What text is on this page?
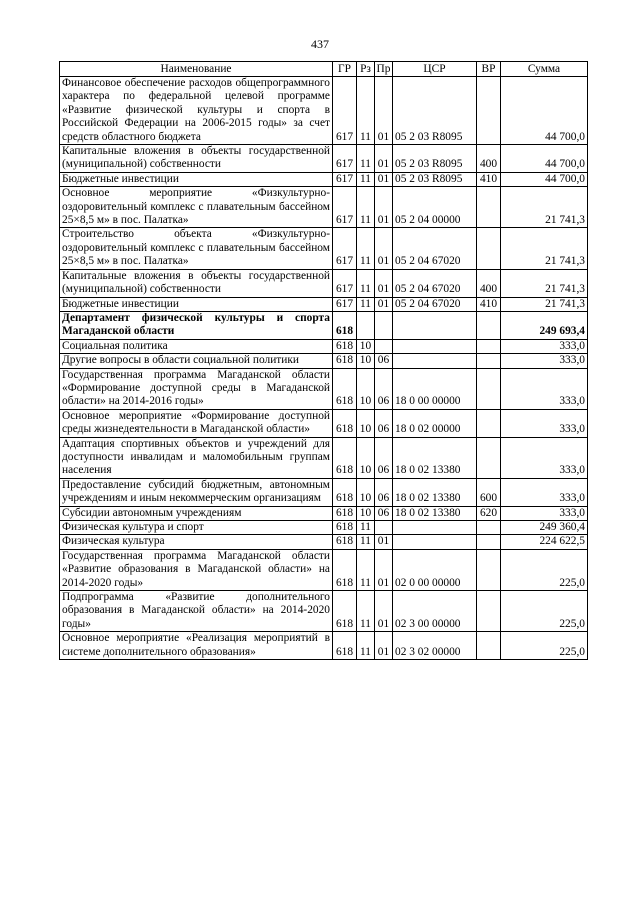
437
Наименование	ГР	Рз	Пр	ЦСР	ВР	Сумма
Финансовое обеспечение расходов общепрограммного характера по федеральной целевой программе «Развитие физической культуры и спорта в Российской Федерации на 2006-2015 годы» за счет средств областного бюджета	617	11	01	05 2 03 R8095		44 700,0
Капитальные вложения в объекты государственной (муниципальной) собственности	617	11	01	05 2 03 R8095	400	44 700,0
Бюджетные инвестиции	617	11	01	05 2 03 R8095	410	44 700,0
Основное мероприятие «Физкультурно-оздоровительный комплекс с плавательным бассейном 25×8,5 м» в пос. Палатка»	617	11	01	05 2 04 00000		21 741,3
Строительство объекта «Физкультурно-оздоровительный комплекс с плавательным бассейном 25×8,5 м» в пос. Палатка»	617	11	01	05 2 04 67020		21 741,3
Капитальные вложения в объекты государственной (муниципальной) собственности	617	11	01	05 2 04 67020	400	21 741,3
Бюджетные инвестиции	617	11	01	05 2 04 67020	410	21 741,3
Департамент физической культуры и спорта Магаданской области	618					249 693,4
Социальная политика	618	10				333,0
Другие вопросы в области социальной политики	618	10	06			333,0
Государственная программа Магаданской области «Формирование доступной среды в Магаданской области» на 2014-2016 годы»	618	10	06	18 0 00 00000		333,0
Основное мероприятие «Формирование доступной среды жизнедеятельности в Магаданской области»	618	10	06	18 0 02 00000		333,0
Адаптация спортивных объектов и учреждений для доступности инвалидам и маломобильным группам населения	618	10	06	18 0 02 13380		333,0
Предоставление субсидий бюджетным, автономным учреждениям и иным некоммерческим организациям	618	10	06	18 0 02 13380	600	333,0
Субсидии автономным учреждениям	618	10	06	18 0 02 13380	620	333,0
Физическая культура и спорт	618	11				249 360,4
Физическая культура	618	11	01			224 622,5
Государственная программа Магаданской области «Развитие образования в Магаданской области» на 2014-2020 годы»	618	11	01	02 0 00 00000		225,0
Подпрограмма «Развитие дополнительного образования в Магаданской области» на 2014-2020 годы»	618	11	01	02 3 00 00000		225,0
Основное мероприятие «Реализация мероприятий в системе дополнительного образования»	618	11	01	02 3 02 00000		225,0
